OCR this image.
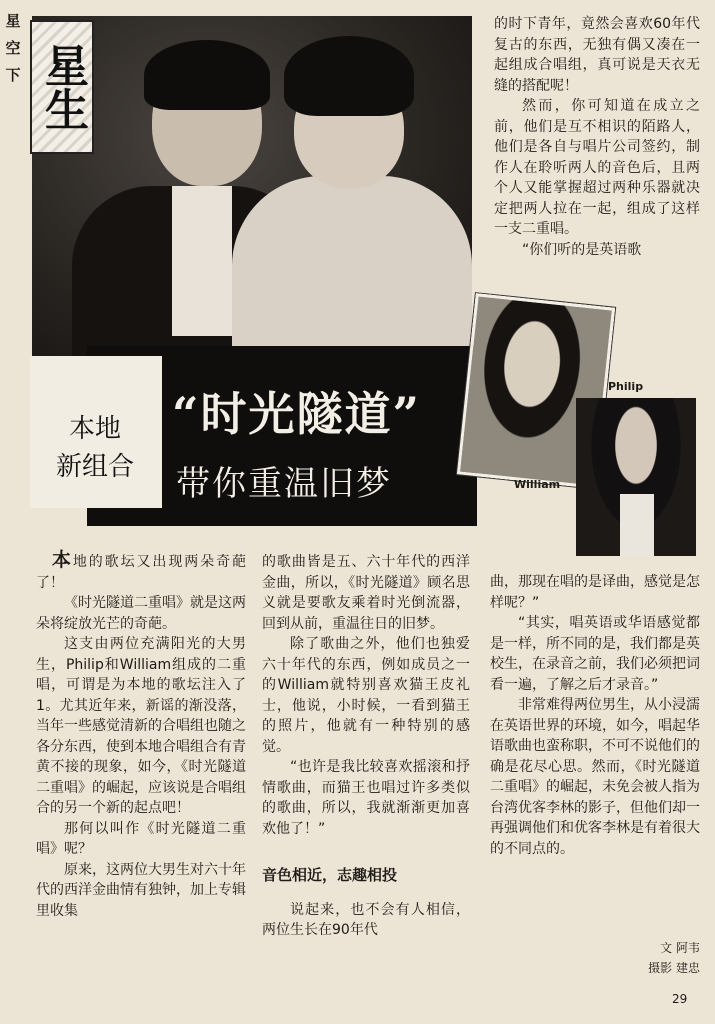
星
空
下 星生
本地
新组合
“时光隧道”
带你重温旧梦	William
Philip

的时下青年，竟然会喜欢60年代复古的东西，无独有偶又凑在一起组成合唱组，真可说是天衣无缝的搭配呢！

然而，你可知道在成立之前，他们是互不相识的陌路人，他们是各自与唱片公司签约，制作人在聆听两人的音色后，且两个人又能掌握超过两种乐器就决定把两人拉在一起，组成了这样一支二重唱。

“你们听的是英语歌

　本地的歌坛又出现两朵奇葩了！

《时光隧道二重唱》就是这两朵将绽放光芒的奇葩。

这支由两位充满阳光的大男生，Philip和William组成的二重唱，可谓是为本地的歌坛注入了1。尤其近年来，新谣的渐没落，当年一些感觉清新的合唱组也随之各分东西，使到本地合唱组合有青黄不接的现象，如今，《时光隧道二重唱》的崛起，应该说是合唱组合的另一个新的起点吧！

那何以叫作《时光隧道二重唱》呢？

原来，这两位大男生对六十年代的西洋金曲情有独钟，加上专辑里收集

的歌曲皆是五、六十年代的西洋金曲，所以，《时光隧道》顾名思义就是要歌友乘着时光倒流器，回到从前，重温往日的旧梦。

除了歌曲之外，他们也独爱六十年代的东西，例如成员之一的William就特别喜欢猫王皮礼士，他说，小时候，一看到猫王的照片，他就有一种特别的感觉。

“也许是我比较喜欢摇滚和抒情歌曲，而猫王也唱过许多类似的歌曲，所以，我就渐渐更加喜欢他了！”

音色相近，志趣相投

说起来，也不会有人相信，两位生长在90年代

曲，那现在唱的是译曲，感觉是怎样呢？”

“其实，唱英语或华语感觉都是一样，所不同的是，我们都是英校生，在录音之前，我们必须把词看一遍，了解之后才录音。”

非常难得两位男生，从小浸濡在英语世界的环境，如今，唱起华语歌曲也蛮称职，不可不说他们的确是花尽心思。然而，《时光隧道二重唱》的崛起，未免会被人指为台湾优客李林的影子，但他们却一再强调他们和优客李林是有着很大的不同点的。

文 阿韦
摄影 建忠
29
